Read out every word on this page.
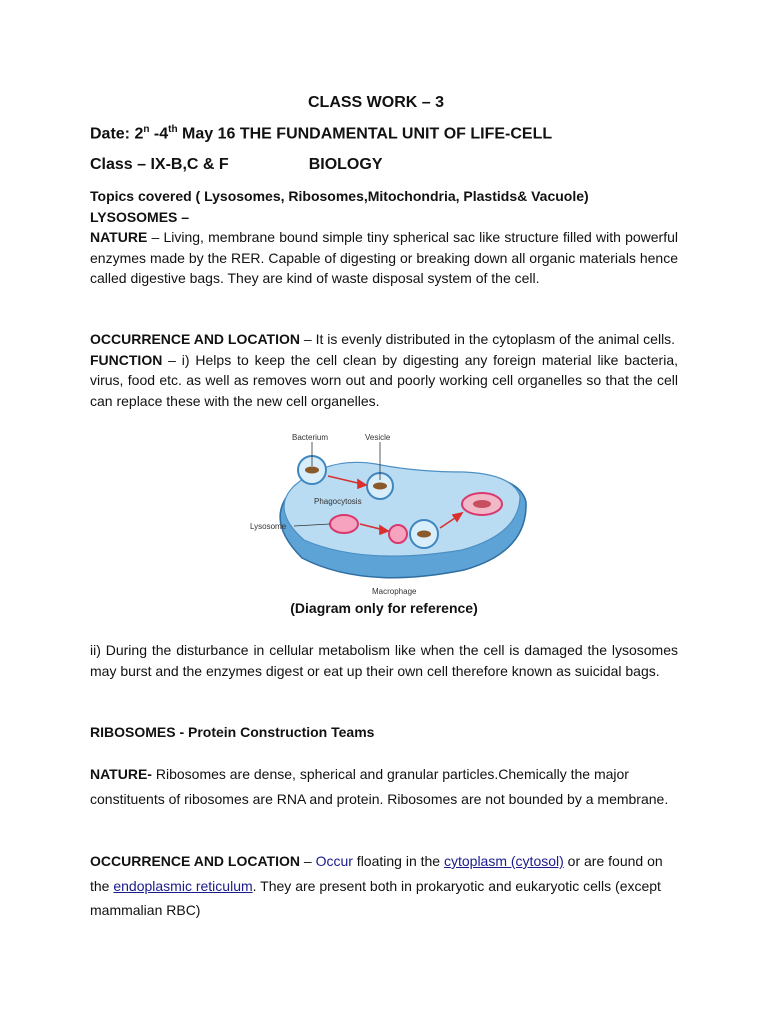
CLASS WORK – 3
Date: 2$^n$ -4th May 16 THE FUNDAMENTAL UNIT OF LIFE-CELL
Class – IX-B,C & F	BIOLOGY
Topics covered ( Lysosomes, Ribosomes,Mitochondria, Plastids& Vacuole)
LYSOSOMES –
NATURE – Living, membrane bound simple tiny spherical sac like structure filled with powerful enzymes made by the RER. Capable of digesting or breaking down all organic materials hence called digestive bags. They are kind of waste disposal system of the cell.
OCCURRENCE AND LOCATION – It is evenly distributed in the cytoplasm of the animal cells.
FUNCTION – i) Helps to keep the cell clean by digesting any foreign material like bacteria, virus, food etc. as well as removes worn out and poorly working cell organelles so that the cell can replace these with the new cell organelles.
Bacterium	Vesicle
Phagocytosis
Lysosome
Macrophage
(Diagram only for reference)
ii) During the disturbance in cellular metabolism like when the cell is damaged the lysosomes may burst and the enzymes digest or eat up their own cell therefore known as suicidal bags.
RIBOSOMES - Protein Construction Teams
NATURE- Ribosomes are dense, spherical and granular particles.Chemically the major constituents of ribosomes are RNA and protein. Ribosomes are not bounded by a membrane.
OCCURRENCE AND LOCATION – Occur floating in the cytoplasm (cytosol) or are found on the endoplasmic reticulum. They are present both in prokaryotic and eukaryotic cells (except mammalian RBC)
